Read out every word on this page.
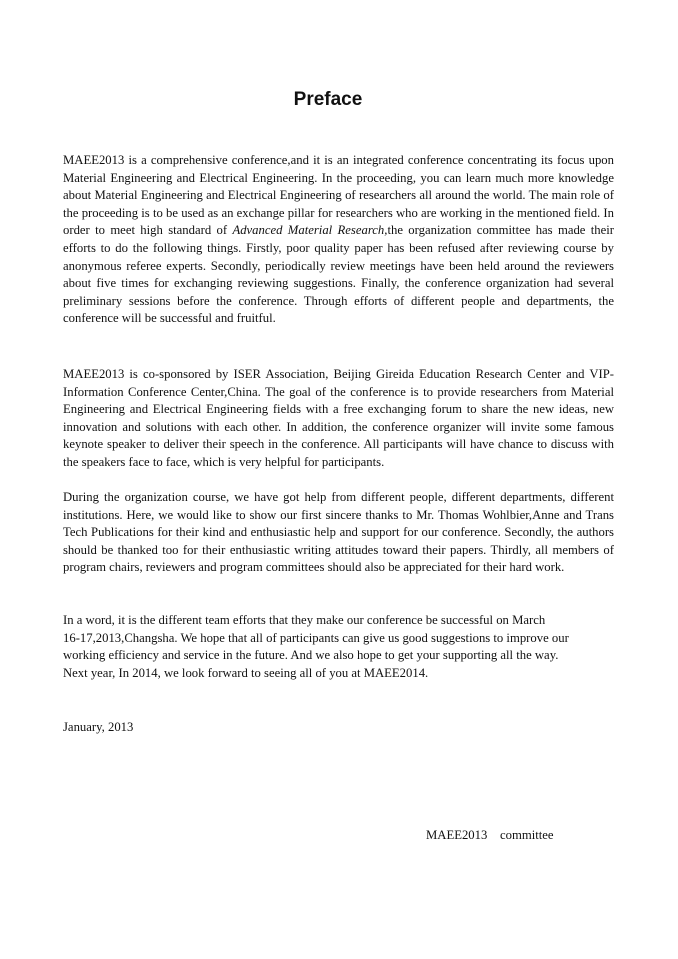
Preface

MAEE2013 is a comprehensive conference,and it is an integrated conference concentrating its focus upon Material Engineering and Electrical Engineering. In the proceeding, you can learn much more knowledge about Material Engineering and Electrical Engineering of researchers all around the world. The main role of the proceeding is to be used as an exchange pillar for researchers who are working in the mentioned field. In order to meet high standard of Advanced Material Research,the organization committee has made their efforts to do the following things. Firstly, poor quality paper has been refused after reviewing course by anonymous referee experts. Secondly, periodically review meetings have been held around the reviewers about five times for exchanging reviewing suggestions. Finally, the conference organization had several preliminary sessions before the conference. Through efforts of different people and departments, the conference will be successful and fruitful.

MAEE2013 is co-sponsored by ISER Association, Beijing Gireida Education Research Center and VIP-Information Conference Center,China. The goal of the conference is to provide researchers from Material Engineering and Electrical Engineering fields with a free exchanging forum to share the new ideas, new innovation and solutions with each other. In addition, the conference organizer will invite some famous keynote speaker to deliver their speech in the conference. All participants will have chance to discuss with the speakers face to face, which is very helpful for participants.

During the organization course, we have got help from different people, different departments, different institutions. Here, we would like to show our first sincere thanks to Mr. Thomas Wohlbier,Anne and Trans Tech Publications for their kind and enthusiastic help and support for our conference. Secondly, the authors should be thanked too for their enthusiastic writing attitudes toward their papers. Thirdly, all members of program chairs, reviewers and program committees should also be appreciated for their hard work.

In a word, it is the different team efforts that they make our conference be successful on March
16-17,2013,Changsha. We hope that all of participants can give us good suggestions to improve our
working efficiency and service in the future. And we also hope to get your supporting all the way.
Next year, In 2014, we look forward to seeing all of you at MAEE2014.

January, 2013

MAEE2013    committee
